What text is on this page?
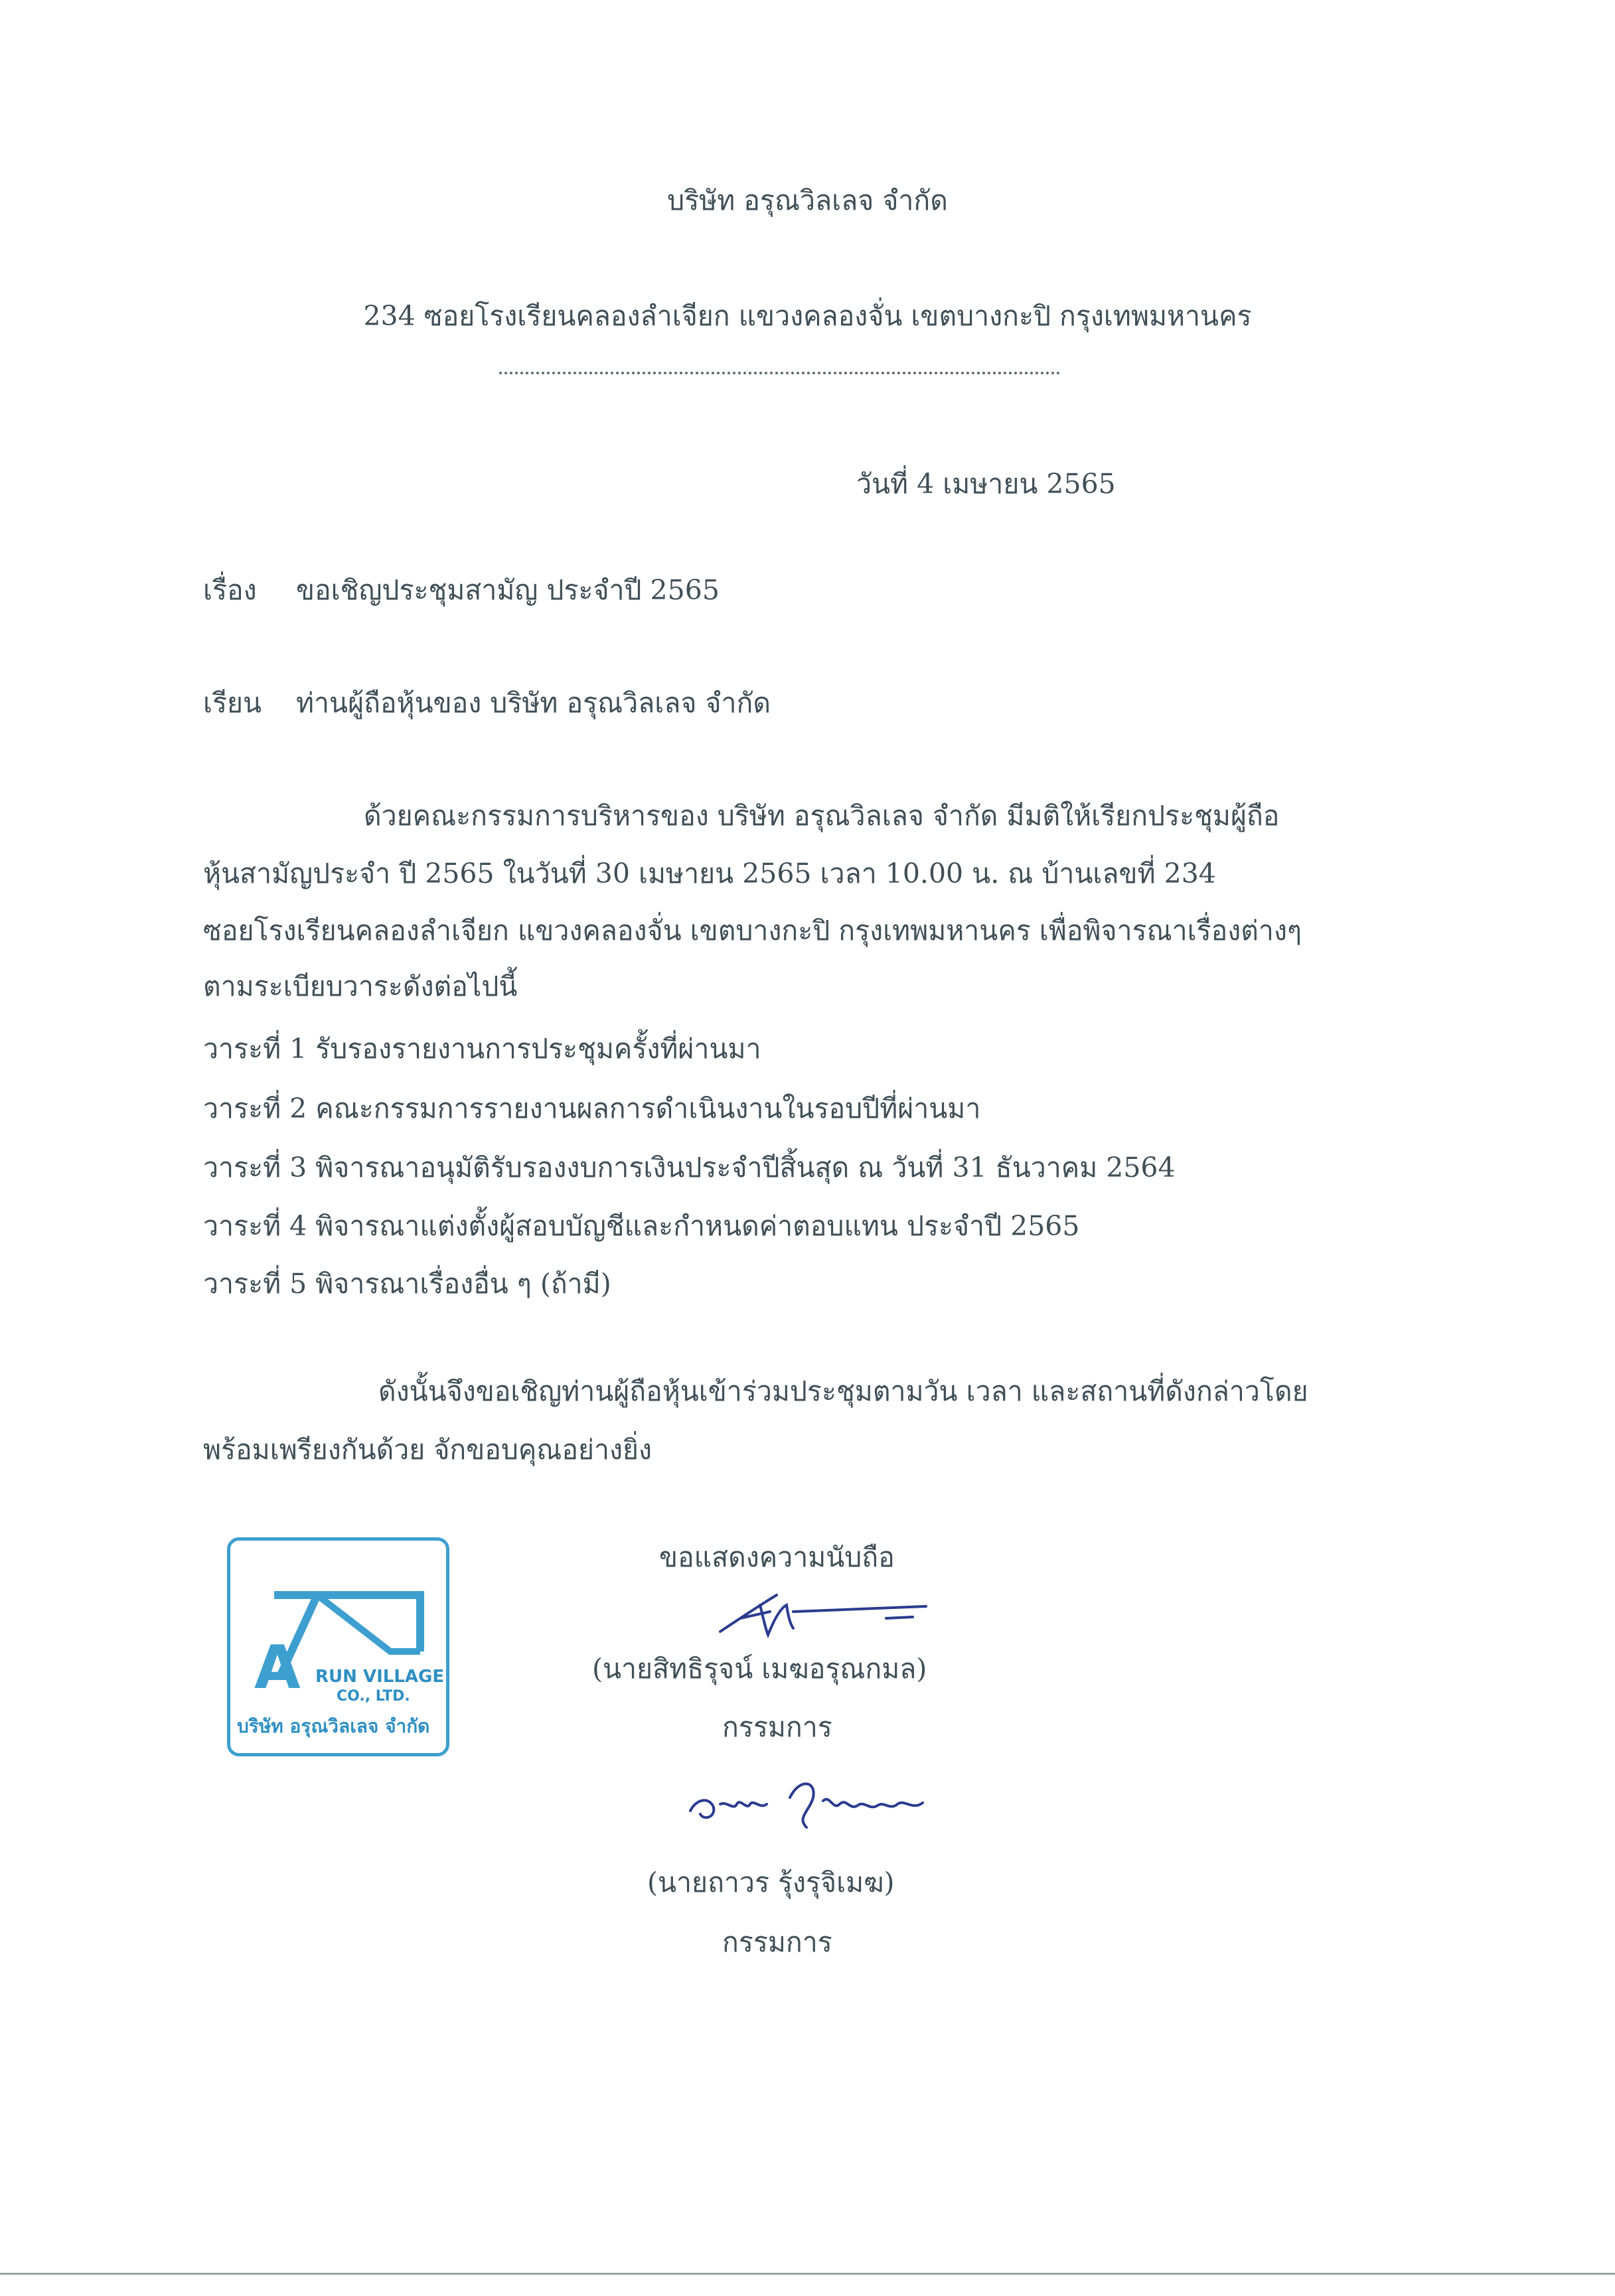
บริษัท อรุณวิลเลจ จำกัด
234 ซอยโรงเรียนคลองลำเจียก แขวงคลองจั่น เขตบางกะปิ กรุงเทพมหานคร
วันที่ 4 เมษายน 2565
เรื่อง ขอเชิญประชุมสามัญ ประจำปี 2565
เรียน ท่านผู้ถือหุ้นของ บริษัท อรุณวิลเลจ จำกัด
ด้วยคณะกรรมการบริหารของ บริษัท อรุณวิลเลจ จำกัด มีมติให้เรียกประชุมผู้ถือ
หุ้นสามัญประจำ ปี 2565 ในวันที่ 30 เมษายน 2565 เวลา 10.00 น. ณ บ้านเลขที่ 234
ซอยโรงเรียนคลองลำเจียก แขวงคลองจั่น เขตบางกะปิ กรุงเทพมหานคร เพื่อพิจารณาเรื่องต่างๆ
ตามระเบียบวาระดังต่อไปนี้
วาระที่ 1 รับรองรายงานการประชุมครั้งที่ผ่านมา
วาระที่ 2 คณะกรรมการรายงานผลการดำเนินงานในรอบปีที่ผ่านมา
วาระที่ 3 พิจารณาอนุมัติรับรองงบการเงินประจำปีสิ้นสุด ณ วันที่ 31 ธันวาคม 2564
วาระที่ 4 พิจารณาแต่งตั้งผู้สอบบัญชีและกำหนดค่าตอบแทน ประจำปี 2565
วาระที่ 5 พิจารณาเรื่องอื่น ๆ (ถ้ามี)
ดังนั้นจึงขอเชิญท่านผู้ถือหุ้นเข้าร่วมประชุมตามวัน เวลา และสถานที่ดังกล่าวโดย
พร้อมเพรียงกันด้วย จักขอบคุณอย่างยิ่ง
A RUN VILLAGE
CO., LTD.
บริษัท อรุณวิลเลจ จำกัด
ขอแสดงความนับถือ
(นายสิทธิรุจน์ เมฆอรุณกมล)
กรรมการ
(นายถาวร รุ้งรุจิเมฆ)
กรรมการ
